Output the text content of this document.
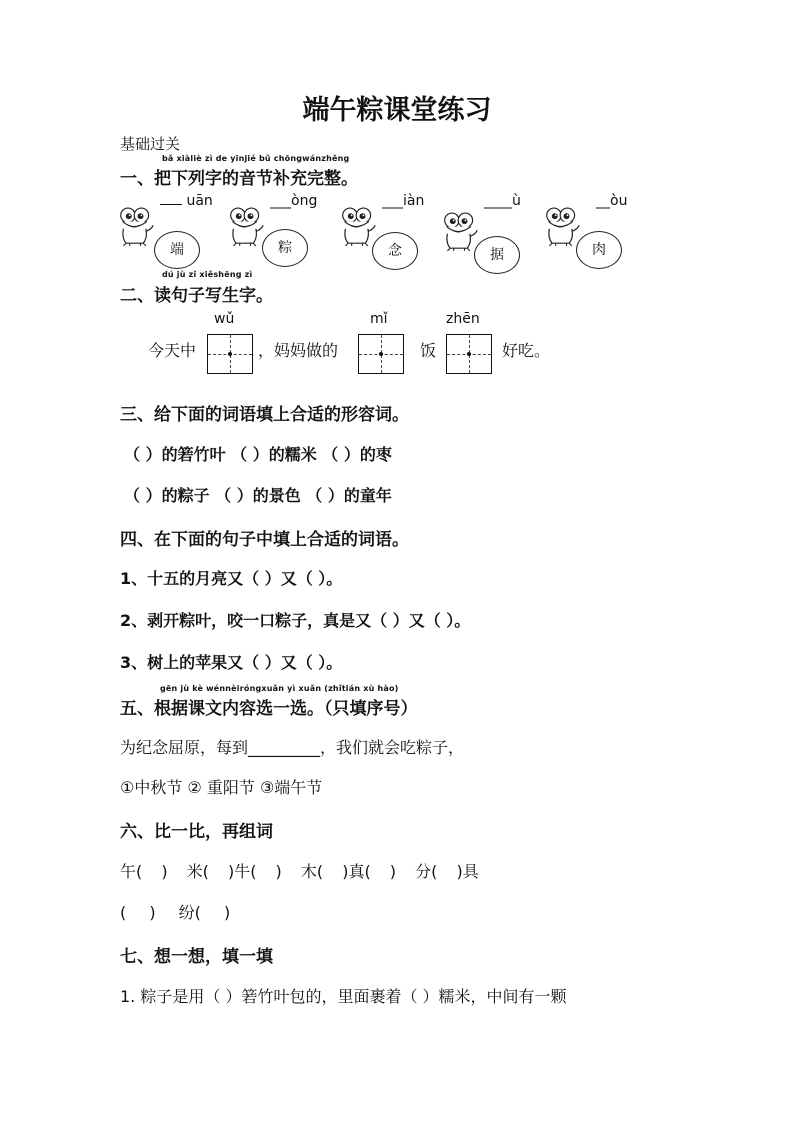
端午粽课堂练习
基础过关
bǎ xiàliè zì de yīnjié bǔ chōngwánzhěng
一、把下列字的音节补充完整。
uān	___òng	___iàn	____ù	__òu
端	粽	念	据	肉
dú jù zǐ xiěshēng zì
二、读句子写生字。
wǔ	mǐ	zhēn
今天中	，妈妈做的	饭	好吃。
三、给下面的词语填上合适的形容词。
（ ）的箬竹叶 （ ）的糯米 （ ）的枣
（ ）的粽子 （ ）的景色 （ ）的童年
四、在下面的句子中填上合适的词语。
1、十五的月亮又（ ）又（ ）。
2、剥开粽叶，咬一口粽子，真是又（ ）又（ ）。
3、树上的苹果又（ ）又（ ）。
gēn jù kè wénnèiróngxuǎn yì xuǎn (zhǐtián xù hào)
五、根据课文内容选一选。（只填序号）
为纪念屈原，每到_________，我们就会吃粽子，
①中秋节 ② 重阳节 ③端午节
六、比一比，再组词
午( ) 米( )牛( ) 木( )真( ) 分( )具
( ) 纷( )
七、想一想，填一填
1. 粽子是用（ ）箬竹叶包的，里面裹着（ ）糯米，中间有一颗
